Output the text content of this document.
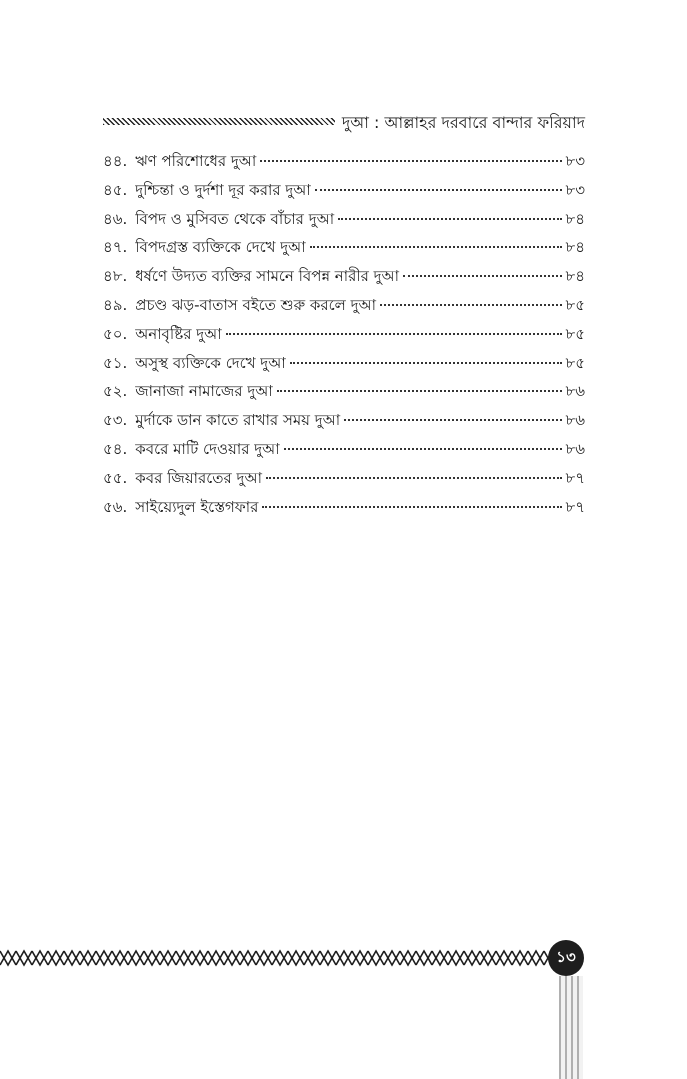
দুআ : আল্লাহর দরবারে বান্দার ফরিয়াদ
৪৪. ঋণ পরিশোধের দুআ	৮৩
৪৫. দুশ্চিন্তা ও দুর্দশা দূর করার দুআ	৮৩
৪৬. বিপদ ও মুসিবত থেকে বাঁচার দুআ	৮৪
৪৭. বিপদগ্রস্ত ব্যক্তিকে দেখে দুআ	৮৪
৪৮. ধর্ষণে উদ্যত ব্যক্তির সামনে বিপন্ন নারীর দুআ	৮৪
৪৯. প্রচণ্ড ঝড়-বাতাস বইতে শুরু করলে দুআ	৮৫
৫০. অনাবৃষ্টির দুআ	৮৫
৫১. অসুস্থ ব্যক্তিকে দেখে দুআ	৮৫
৫২. জানাজা নামাজের দুআ	৮৬
৫৩. মুর্দাকে ডান কাতে রাখার সময় দুআ	৮৬
৫৪. কবরে মাটি দেওয়ার দুআ	৮৬
৫৫. কবর জিয়ারতের দুআ	৮৭
৫৬. সাইয়্যেদুল ইস্তেগফার	৮৭
১৩
